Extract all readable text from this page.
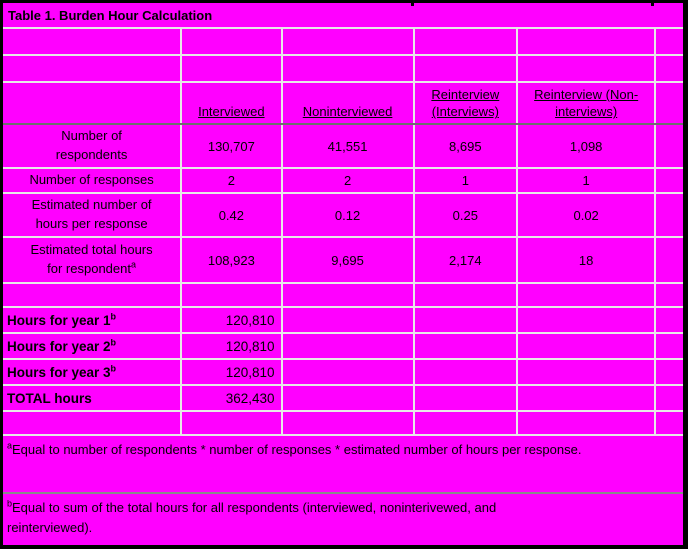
Table 1. Burden Hour Calculation					

	Interviewed	Noninterviewed	Reinterview (Interviews)	Reinterview (Non-interviews)	
Number of respondents	130,707	41,551	8,695	1,098	
Number of responses	2	2	1	1	
Estimated number of hours per response	0.42	0.12	0.25	0.02	
Estimated total hours for respondent$^a$	108,923	9,695	2,174	18	

Hours for year 1$^b$	120,810				
Hours for year 2$^b$	120,810				
Hours for year 3$^b$	120,810				
TOTAL hours	362,430				

$^a$Equal to number of respondents * number of responses * estimated number of hours per response.					
$^b$Equal to sum of the total hours for all respondents (interviewed, noninterivewed, and reinterviewed).					
